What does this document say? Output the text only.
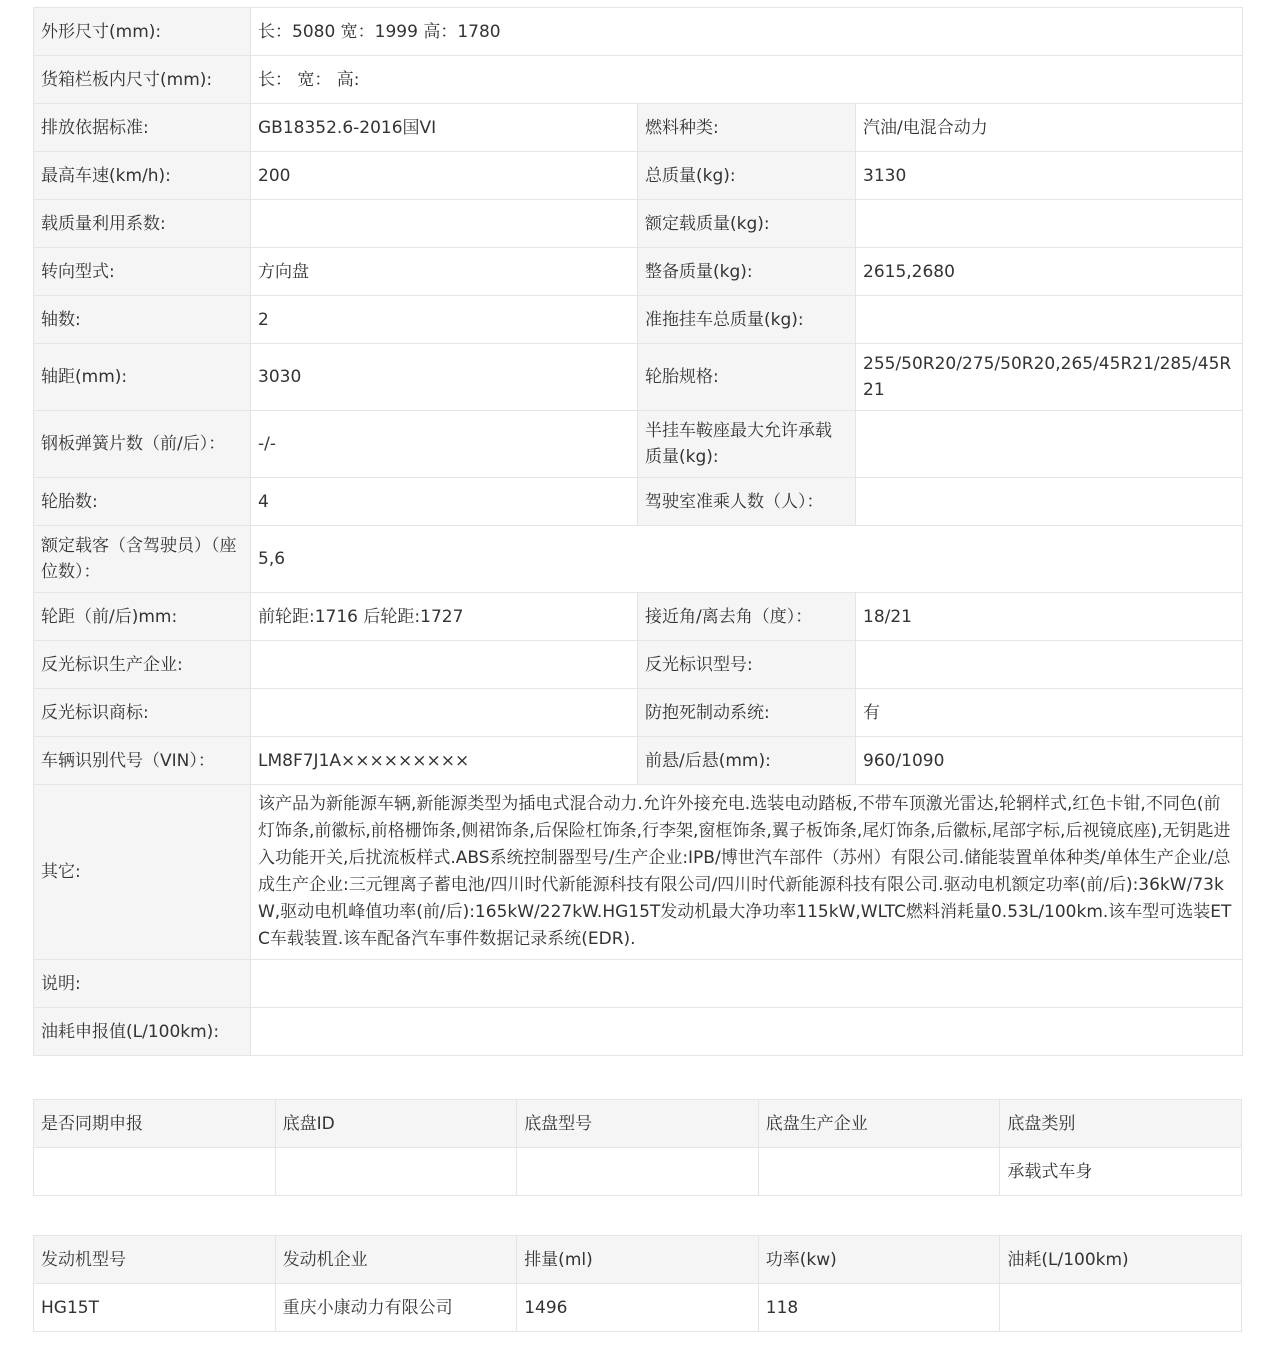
外形尺寸(mm):	长：5080 宽：1999 高：1780		
货箱栏板内尺寸(mm):	长： 宽： 高:		
排放依据标准:	GB18352.6-2016国VI	燃料种类:	汽油/电混合动力
最高车速(km/h):	200	总质量(kg):	3130
载质量利用系数:		额定载质量(kg):	
转向型式:	方向盘	整备质量(kg):	2615,2680
轴数:	2	准拖挂车总质量(kg):	
轴距(mm):	3030	轮胎规格:	255/50R20/275/50R20,265/45R21/285/45R21
钢板弹簧片数（前/后）：	-/-	半挂车鞍座最大允许承载质量(kg):	
轮胎数:	4	驾驶室准乘人数（人）：	
额定载客（含驾驶员）（座位数）：	5,6		
轮距（前/后)mm:	前轮距:1716 后轮距:1727	接近角/离去角（度）：	18/21
反光标识生产企业:		反光标识型号:	
反光标识商标:		防抱死制动系统:	有
车辆识别代号（VIN）：	LM8F7J1A×××××××××	前悬/后悬(mm):	960/1090
其它:	该产品为新能源车辆,新能源类型为插电式混合动力.允许外接充电.选装电动踏板,不带车顶激光雷达,轮辋样式,红色卡钳,不同色(前灯饰条,前徽标,前格栅饰条,侧裙饰条,后保险杠饰条,行李架,窗框饰条,翼子板饰条,尾灯饰条,后徽标,尾部字标,后视镜底座),无钥匙进入功能开关,后扰流板样式.ABS系统控制器型号/生产企业:IPB/博世汽车部件（苏州）有限公司.储能装置单体种类/单体生产企业/总成生产企业:三元锂离子蓄电池/四川时代新能源科技有限公司/四川时代新能源科技有限公司.驱动电机额定功率(前/后):36kW/73kW,驱动电机峰值功率(前/后):165kW/227kW.HG15T发动机最大净功率115kW,WLTC燃料消耗量0.53L/100km.该车型可选装ETC车载装置.该车配备汽车事件数据记录系统(EDR).		
说明:			
油耗申报值(L/100km):			
是否同期申报	底盘ID	底盘型号	底盘生产企业	底盘类别
				承载式车身
发动机型号	发动机企业	排量(ml)	功率(kw)	油耗(L/100km)
HG15T	重庆小康动力有限公司	1496	118	
